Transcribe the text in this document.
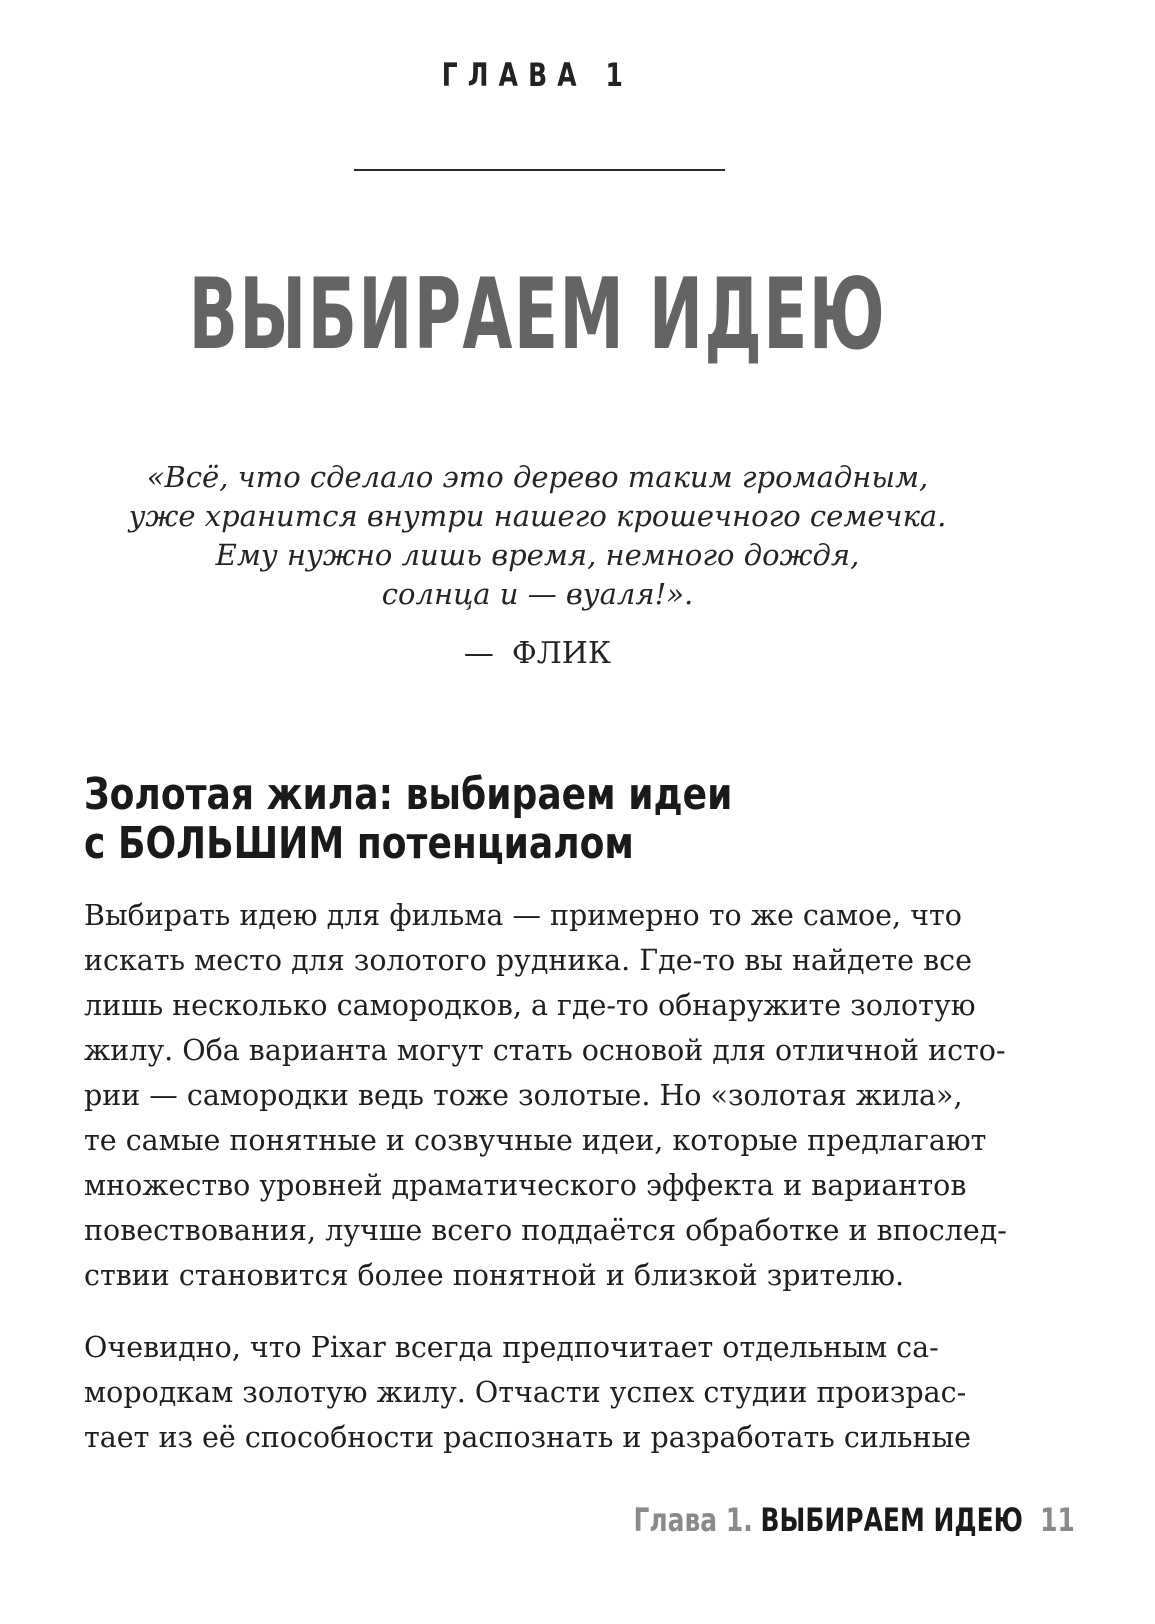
ГЛАВА 1
ВЫБИРАЕМ ИДЕЮ
«Всё, что сделало это дерево таким громадным,
уже хранится внутри нашего крошечного семечка.
Ему нужно лишь время, немного дождя,
солнца и — вуаля!».
— ФЛИК
Золотая жила: выбираем идеи
с БОЛЬШИМ потенциалом
Выбирать идею для фильма — примерно то же самое, что
искать место для золотого рудника. Где-то вы найдете все
лишь несколько самородков, а где-то обнаружите золотую
жилу. Оба варианта могут стать основой для отличной исто-
рии — самородки ведь тоже золотые. Но «золотая жила»,
те самые понятные и созвучные идеи, которые предлагают
множество уровней драматического эффекта и вариантов
повествования, лучше всего поддаётся обработке и впослед-
ствии становится более понятной и близкой зрителю.
Очевидно, что Pixar всегда предпочитает отдельным са-
мородкам золотую жилу. Отчасти успех студии произрас-
тает из её способности распознать и разработать сильные
Глава 1. ВЫБИРАЕМ ИДЕЮ 11
